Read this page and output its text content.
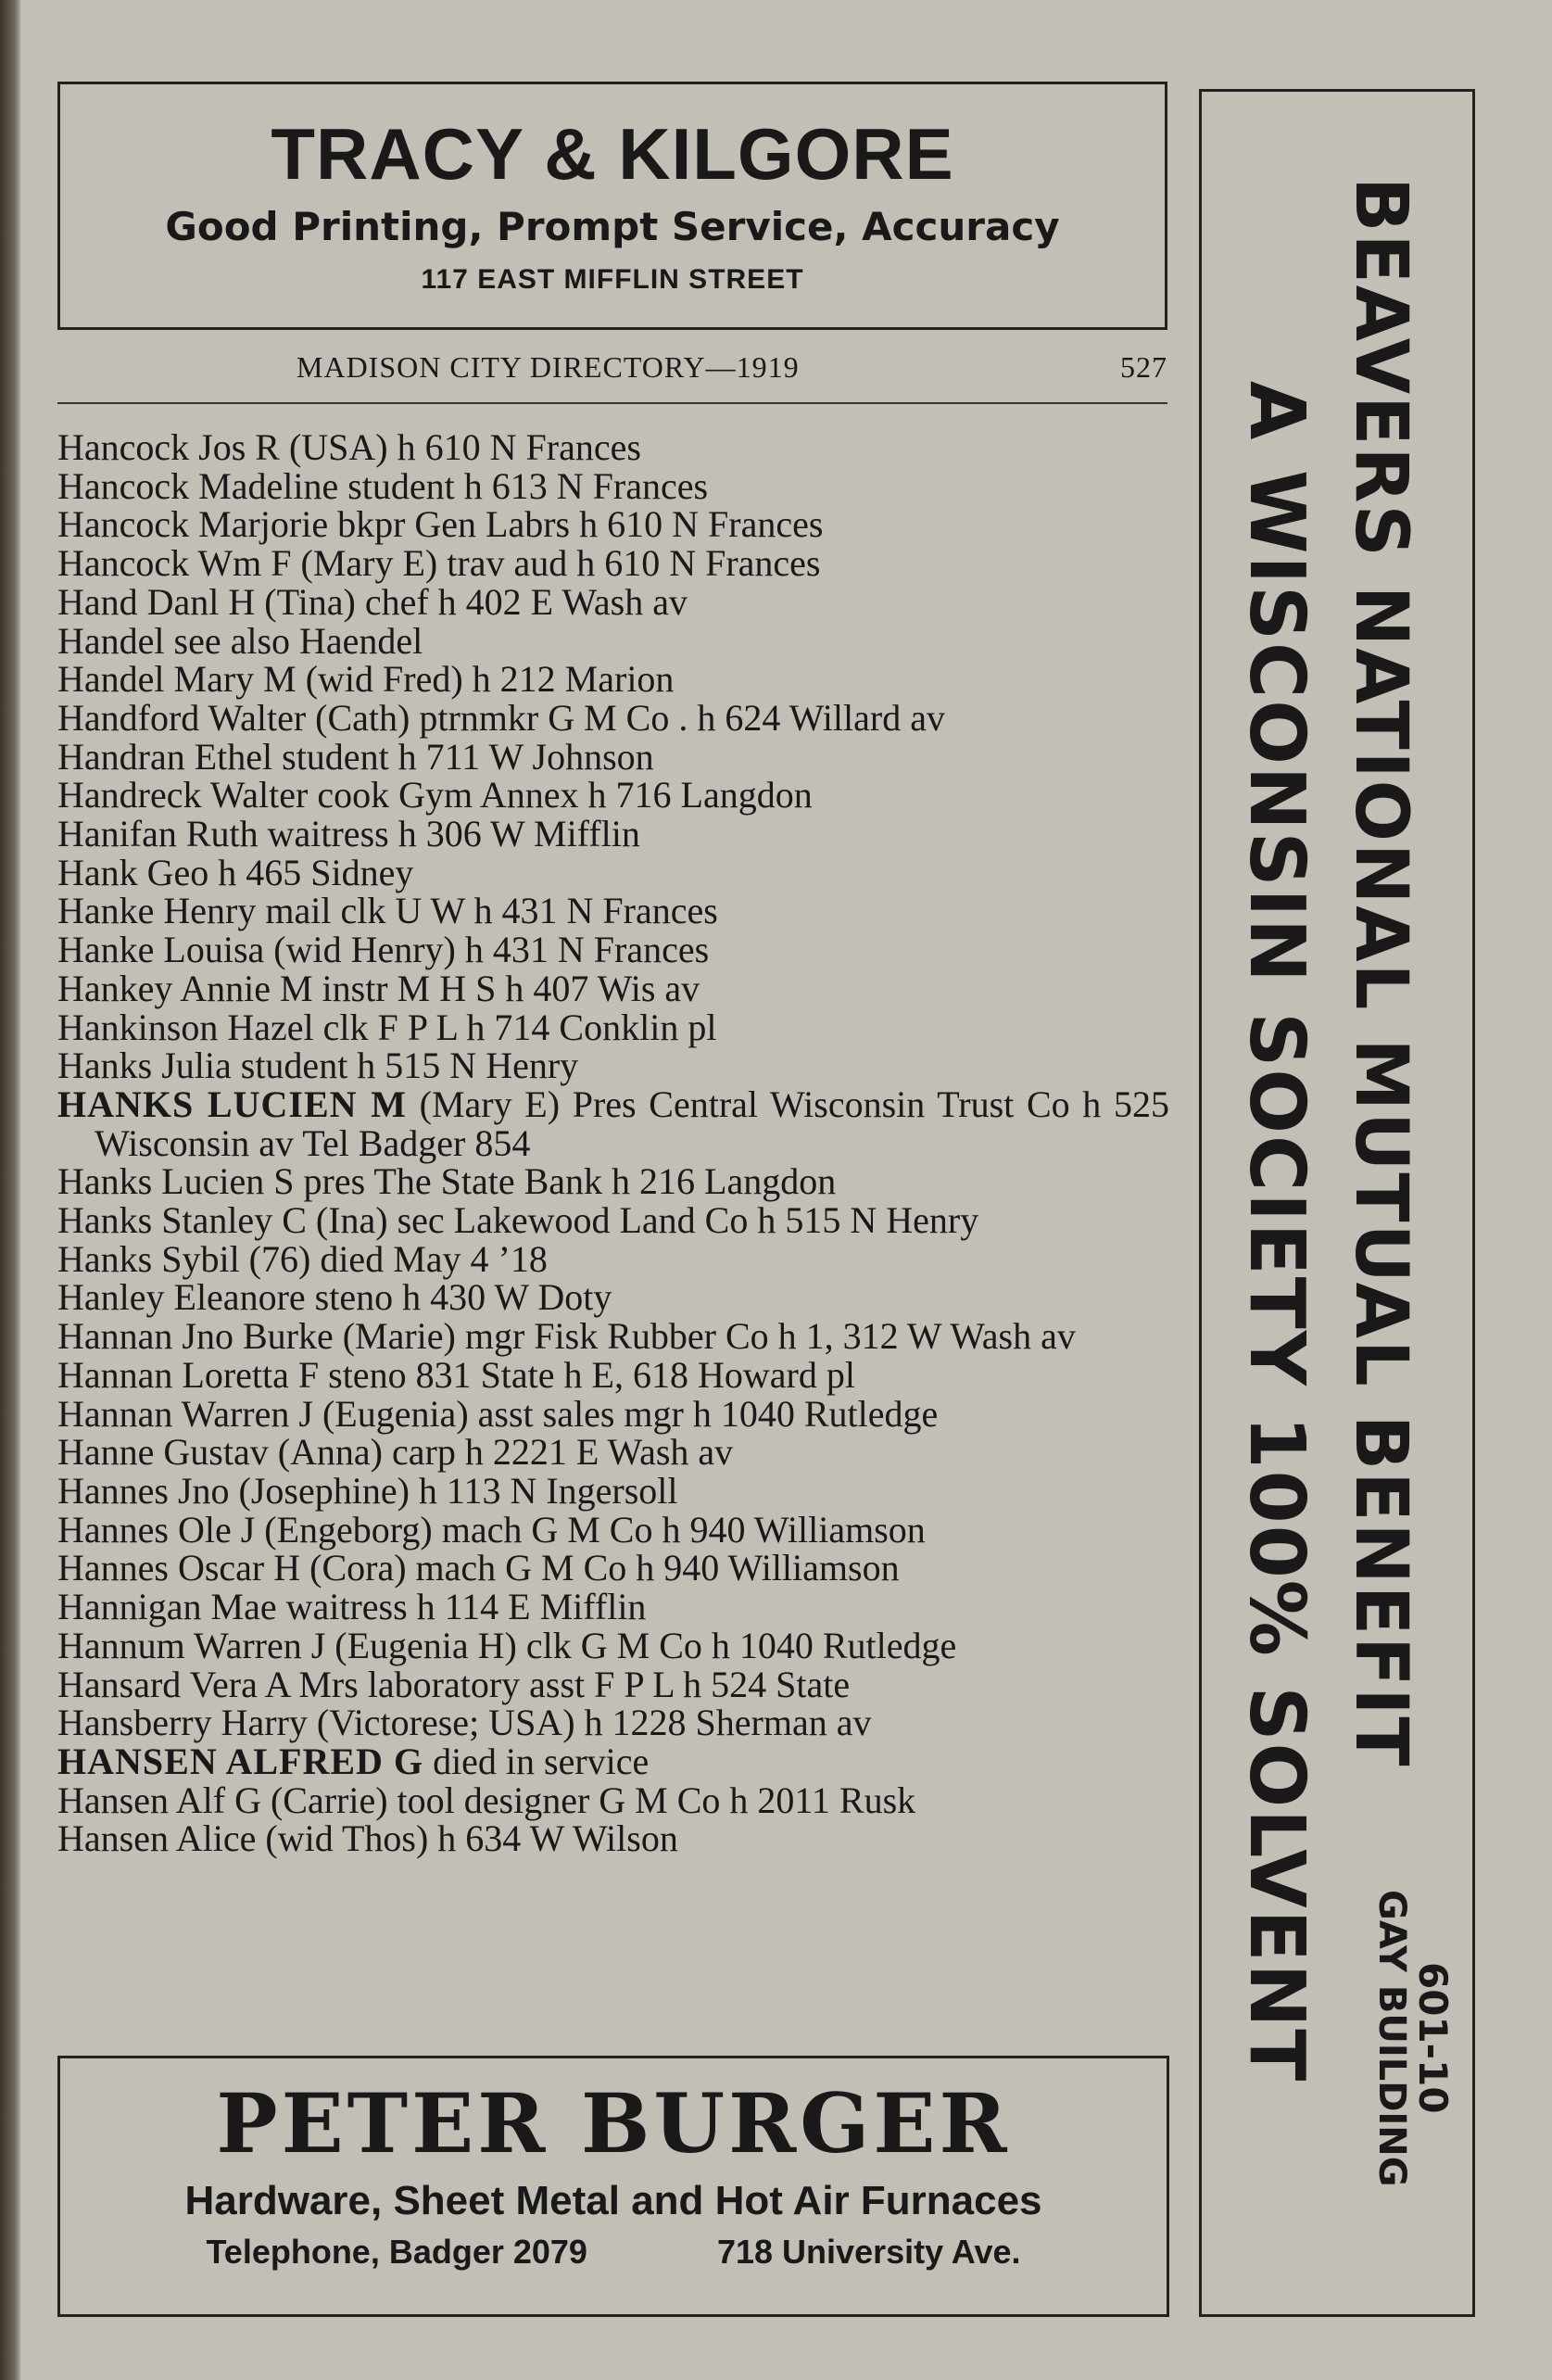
TRACY & KILGORE
Good Printing, Prompt Service, Accuracy
117 EAST MIFFLIN STREET
MADISON CITY DIRECTORY—1919	527
Hancock Jos R (USA) h 610 N Frances
Hancock Madeline student h 613 N Frances
Hancock Marjorie bkpr Gen Labrs h 610 N Frances
Hancock Wm F (Mary E) trav aud h 610 N Frances
Hand Danl H (Tina) chef h 402 E Wash av
Handel see also Haendel
Handel Mary M (wid Fred) h 212 Marion
Handford Walter (Cath) ptrnmkr G M Co . h 624 Willard av
Handran Ethel student h 711 W Johnson
Handreck Walter cook Gym Annex h 716 Langdon
Hanifan Ruth waitress h 306 W Mifflin
Hank Geo h 465 Sidney
Hanke Henry mail clk U W h 431 N Frances
Hanke Louisa (wid Henry) h 431 N Frances
Hankey Annie M instr M H S h 407 Wis av
Hankinson Hazel clk F P L h 714 Conklin pl
Hanks Julia student h 515 N Henry
HANKS LUCIEN M (Mary E) Pres Central Wisconsin Trust Co h 525 Wisconsin av Tel Badger 854
Hanks Lucien S pres The State Bank h 216 Langdon
Hanks Stanley C (Ina) sec Lakewood Land Co h 515 N Henry
Hanks Sybil (76) died May 4 ’18
Hanley Eleanore steno h 430 W Doty
Hannan Jno Burke (Marie) mgr Fisk Rubber Co h 1, 312 W Wash av
Hannan Loretta F steno 831 State h E, 618 Howard pl
Hannan Warren J (Eugenia) asst sales mgr h 1040 Rutledge
Hanne Gustav (Anna) carp h 2221 E Wash av
Hannes Jno (Josephine) h 113 N Ingersoll
Hannes Ole J (Engeborg) mach G M Co h 940 Williamson
Hannes Oscar H (Cora) mach G M Co h 940 Williamson
Hannigan Mae waitress h 114 E Mifflin
Hannum Warren J (Eugenia H) clk G M Co h 1040 Rutledge
Hansard Vera A Mrs laboratory asst F P L h 524 State
Hansberry Harry (Victorese; USA) h 1228 Sherman av
HANSEN ALFRED G died in service
Hansen Alf G (Carrie) tool designer G M Co h 2011 Rusk
Hansen Alice (wid Thos) h 634 W Wilson
PETER BURGER
Hardware, Sheet Metal and Hot Air Furnaces
Telephone, Badger 2079	718 University Ave.
BEAVERS NATIONAL MUTUAL BENEFIT
A WISCONSIN SOCIETY 100% SOLVENT 601-10
GAY BUILDING
